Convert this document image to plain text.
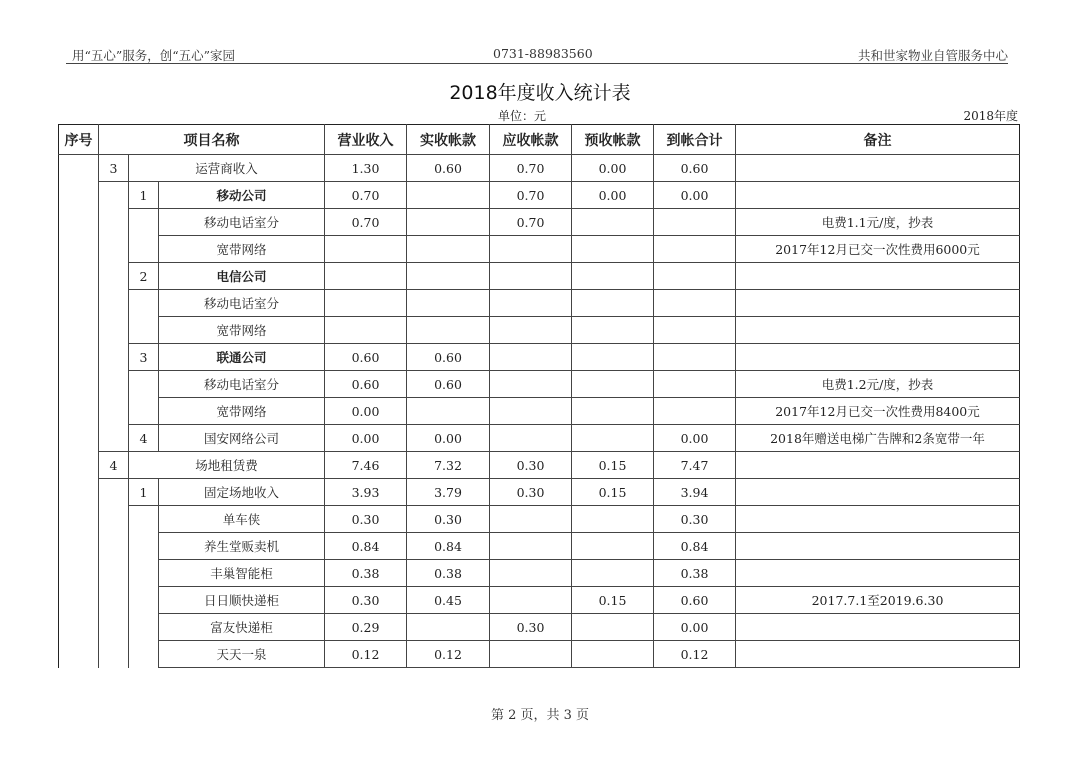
用“五心”服务，创“五心”家园	0731-88983560	共和世家物业自管服务中心
2018年度收入统计表
单位：元	2018年度
序号	项目名称			营业收入	实收帐款	应收帐款	预收帐款	到帐合计	备注
	3	运营商收入		1.30	0.60	0.70	0.00	0.60	
		1	移动公司	0.70		0.70	0.00	0.00	
			移动电话室分	0.70		0.70			电费1.1元/度，抄表
			宽带网络						2017年12月已交一次性费用6000元
		2	电信公司						
			移动电话室分						
			宽带网络						
		3	联通公司	0.60	0.60				
			移动电话室分	0.60	0.60				电费1.2元/度，抄表
			宽带网络	0.00					2017年12月已交一次性费用8400元
		4	国安网络公司	0.00	0.00			0.00	2018年赠送电梯广告牌和2条宽带一年
	4	场地租赁费		7.46	7.32	0.30	0.15	7.47	
		1	固定场地收入	3.93	3.79	0.30	0.15	3.94	
			单车侠	0.30	0.30			0.30	
			养生堂贩卖机	0.84	0.84			0.84	
			丰巢智能柜	0.38	0.38			0.38	
			日日顺快递柜	0.30	0.45		0.15	0.60	2017.7.1至2019.6.30
			富友快递柜	0.29		0.30		0.00	
			天天一泉	0.12	0.12			0.12	
第 2 页，共 3 页
